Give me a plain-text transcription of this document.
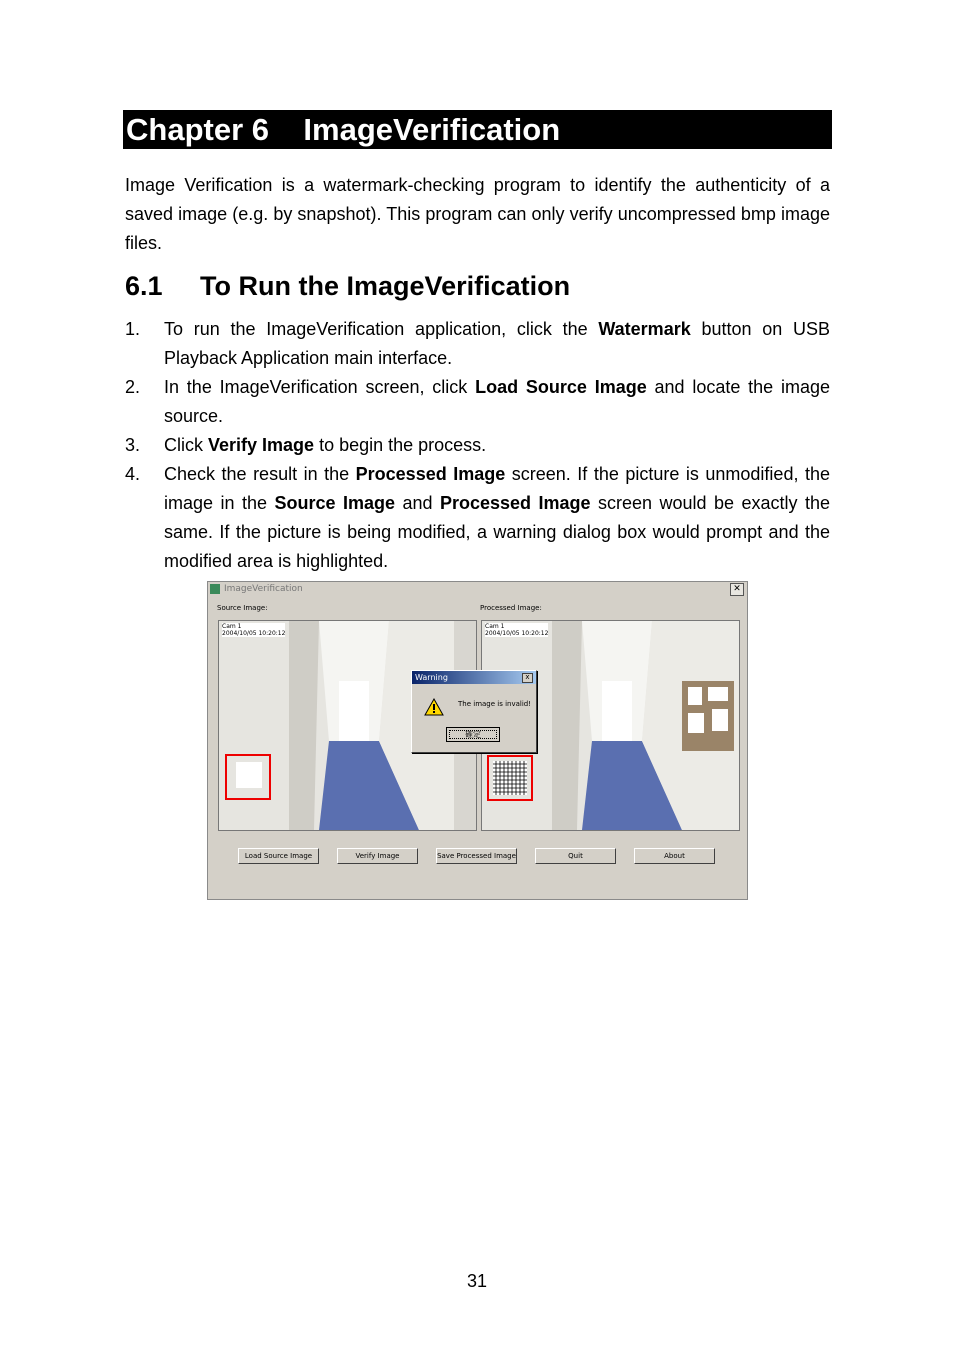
Chapter 6    ImageVerification
Image Verification is a watermark-checking program to identify the authenticity of a saved image (e.g. by snapshot). This program can only verify uncompressed bmp image files.
6.1     To Run the ImageVerification
1. To run the ImageVerification application, click the Watermark button on USB Playback Application main interface.
2. In the ImageVerification screen, click Load Source Image and locate the image source.
3. Click Verify Image to begin the process.
4. Check the result in the Processed Image screen. If the picture is unmodified, the image in the Source Image and Processed Image screen would be exactly the same. If the picture is being modified, a warning dialog box would prompt and the modified area is highlighted.
ImageVerification	✕
Source Image:	Processed Image:
Cam 1
2004/10/05 10:20:12
Cam 1
2004/10/05 10:20:12
Load Source Image	Verify Image	Save Processed Image	Quit	About
Warning	x
The image is invalid!
確定
31
